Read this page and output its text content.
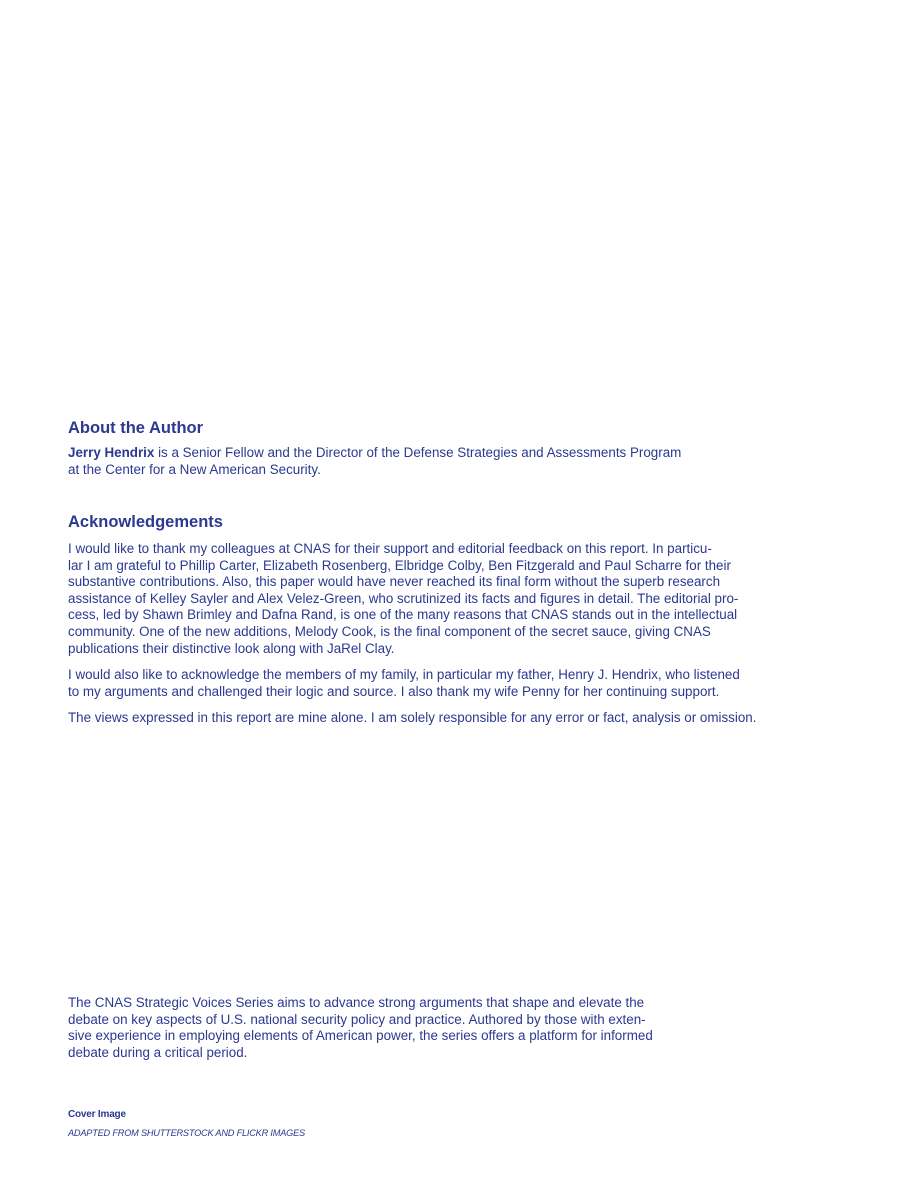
About the Author

Jerry Hendrix is a Senior Fellow and the Director of the Defense Strategies and Assessments Program
at the Center for a New American Security.

Acknowledgements

I would like to thank my colleagues at CNAS for their support and editorial feedback on this report. In particu-
lar I am grateful to Phillip Carter, Elizabeth Rosenberg, Elbridge Colby, Ben Fitzgerald and Paul Scharre for their
substantive contributions. Also, this paper would have never reached its final form without the superb research
assistance of Kelley Sayler and Alex Velez-Green, who scrutinized its facts and figures in detail. The editorial pro-
cess, led by Shawn Brimley and Dafna Rand, is one of the many reasons that CNAS stands out in the intellectual
community. One of the new additions, Melody Cook, is the final component of the secret sauce, giving CNAS
publications their distinctive look along with JaRel Clay.

I would also like to acknowledge the members of my family, in particular my father, Henry J. Hendrix, who listened
to my arguments and challenged their logic and source. I also thank my wife Penny for her continuing support.

The views expressed in this report are mine alone. I am solely responsible for any error or fact, analysis or omission.

The CNAS Strategic Voices Series aims to advance strong arguments that shape and elevate the
debate on key aspects of U.S. national security policy and practice. Authored by those with exten-
sive experience in employing elements of American power, the series offers a platform for informed
debate during a critical period.

Cover Image
ADAPTED FROM SHUTTERSTOCK AND FLICKR IMAGES
